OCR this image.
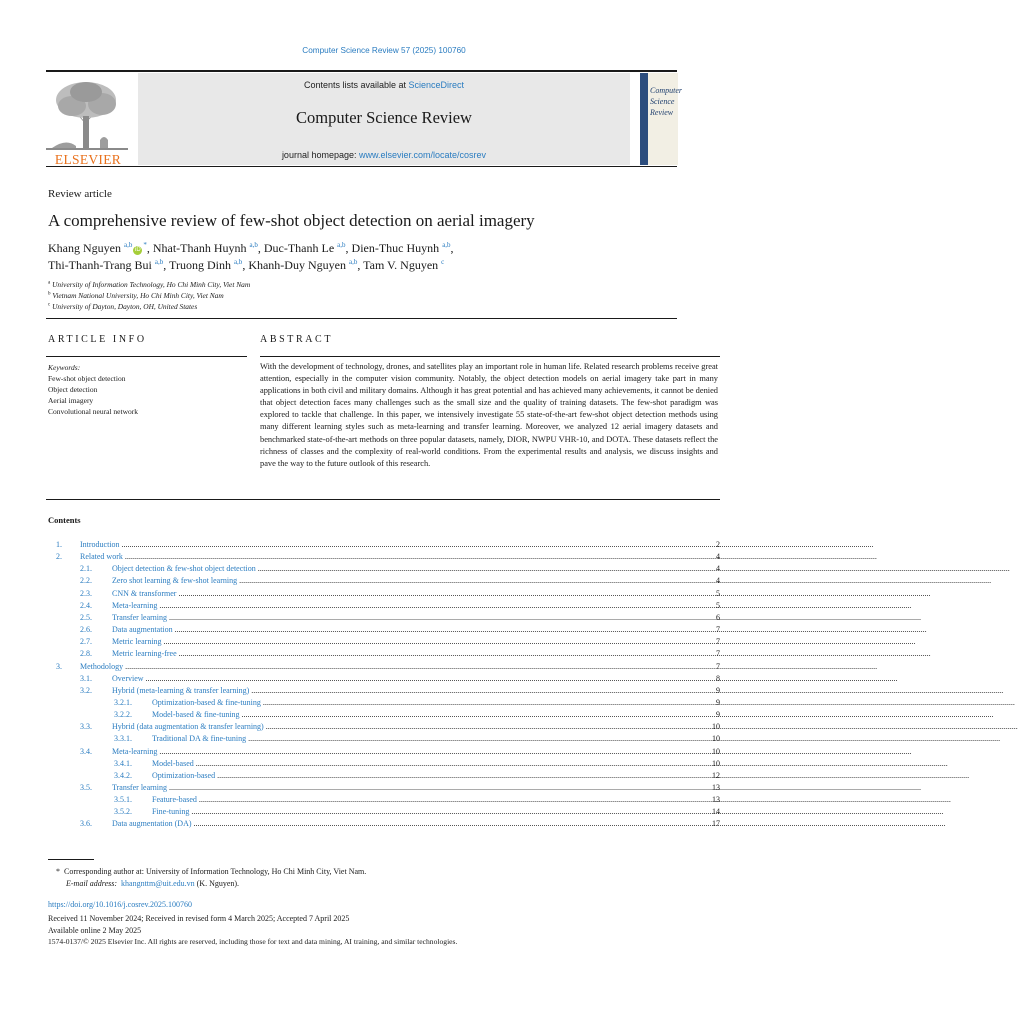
Computer Science Review 57 (2025) 100760
ELSEVIER
Contents lists available at ScienceDirect
Computer Science Review
journal homepage: www.elsevier.com/locate/cosrev
Computer
Science
Review
Review article
A comprehensive review of few-shot object detection on aerial imagery
Khang Nguyen $^{a,b}$iD*, Nhat-Thanh Huynh $^{a,b}$, Duc-Thanh Le $^{a,b}$, Dien-Thuc Huynh $^{a,b}$,
Thi-Thanh-Trang Bui $^{a,b}$, Truong Dinh $^{a,b}$, Khanh-Duy Nguyen $^{a,b}$, Tam V. Nguyen $^c$
$^a$ University of Information Technology, Ho Chi Minh City, Viet Nam
$^b$ Vietnam National University, Ho Chi Minh City, Viet Nam
$^c$ University of Dayton, Dayton, OH, United States
ARTICLE INFO	ABSTRACT
Keywords:
Few-shot object detection
Object detection
Aerial imagery
Convolutional neural network
With the development of technology, drones, and satellites play an important role in human life. Related research problems receive great attention, especially in the computer vision community. Notably, the object detection models on aerial imagery take part in many applications in both civil and military domains. Although it has great potential and has achieved many achievements, it cannot be denied that object detection faces many challenges such as the small size and the quality of training datasets. The few-shot paradigm was explored to tackle that challenge. In this paper, we intensively investigate 55 state-of-the-art few-shot object detection methods using many different learning styles such as meta-learning and transfer learning. Moreover, we analyzed 12 aerial imagery datasets and benchmarked state-of-the-art methods on three popular datasets, namely, DIOR, NWPU VHR-10, and DOTA. These datasets reflect the richness of classes and the complexity of real-world conditions. From the experimental results and analysis, we discuss insights and pave the way to the future outlook of this research.
Contents
1. Introduction .....	2
2. Related work .....	4
2.1.	Object detection & few-shot object detection .....	4
2.2.	Zero shot learning & few-shot learning .....	4
2.3.	CNN & transformer .....	5
2.4.	Meta-learning .....	5
2.5.	Transfer learning .....	6
2.6.	Data augmentation .....	7
2.7.	Metric learning .....	7
2.8.	Metric learning-free .....	7
3. Methodology .....	7
3.1.	Overview .....	8
3.2.	Hybrid (meta-learning & transfer learning) .....	9
3.2.1.	Optimization-based & fine-tuning .....	9
3.2.2.	Model-based & fine-tuning .....	9
3.3.	Hybrid (data augmentation & transfer learning) .....	10
3.3.1.	Traditional DA & fine-tuning .....	10
3.4.	Meta-learning .....	10
3.4.1.	Model-based .....	10
3.4.2.	Optimization-based .....	12
3.5.	Transfer learning .....	13
3.5.1.	Feature-based .....	13
3.5.2.	Fine-tuning .....	14
3.6.	Data augmentation (DA) .....	17
* Corresponding author at: University of Information Technology, Ho Chi Minh City, Viet Nam.
E-mail address: khangnttm@uit.edu.vn (K. Nguyen).
https://doi.org/10.1016/j.cosrev.2025.100760
Received 11 November 2024; Received in revised form 4 March 2025; Accepted 7 April 2025
Available online 2 May 2025
1574-0137/© 2025 Elsevier Inc. All rights are reserved, including those for text and data mining, AI training, and similar technologies.
